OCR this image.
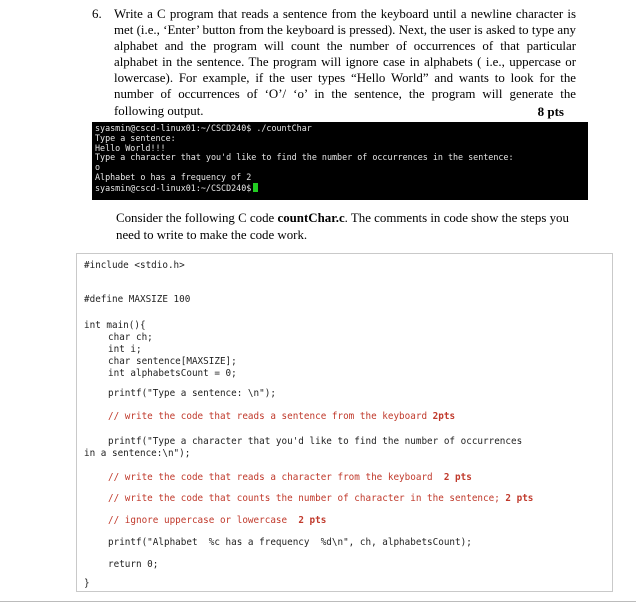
6. Write a C program that reads a sentence from the keyboard until a newline character is met (i.e., ‘Enter’ button from the keyboard is pressed). Next, the user is asked to type any alphabet and the program will count the number of occurrences of that particular alphabet in the sentence. The program will ignore case in alphabets ( i.e., uppercase or lowercase). For example, if the user types “Hello World” and wants to look for the number of occurrences of ‘O’/ ‘o’ in the sentence, the program will generate the following output.	8 pts
syasmin@cscd-linux01:~/CSCD240$ ./countChar
Type a sentence:
Hello World!!!
Type a character that you'd like to find the number of occurrences in the sentence:
o
Alphabet o has a frequency of 2
syasmin@cscd-linux01:~/CSCD240$
Consider the following C code countChar.c. The comments in code show the steps you need to write to make the code work.
#include <stdio.h>
#define MAXSIZE 100
int main(){
char ch;
int i;
char sentence[MAXSIZE];
int alphabetsCount = 0;
printf("Type a sentence: \n");
// write the code that reads a sentence from the keyboard 2pts
printf("Type a character that you'd like to find the number of occurrences
in a sentence:\n");
// write the code that reads a character from the keyboard 2 pts
// write the code that counts the number of character in the sentence; 2 pts
// ignore uppercase or lowercase 2 pts
printf("Alphabet  %c has a frequency  %d\n", ch, alphabetsCount);
return 0;
}
